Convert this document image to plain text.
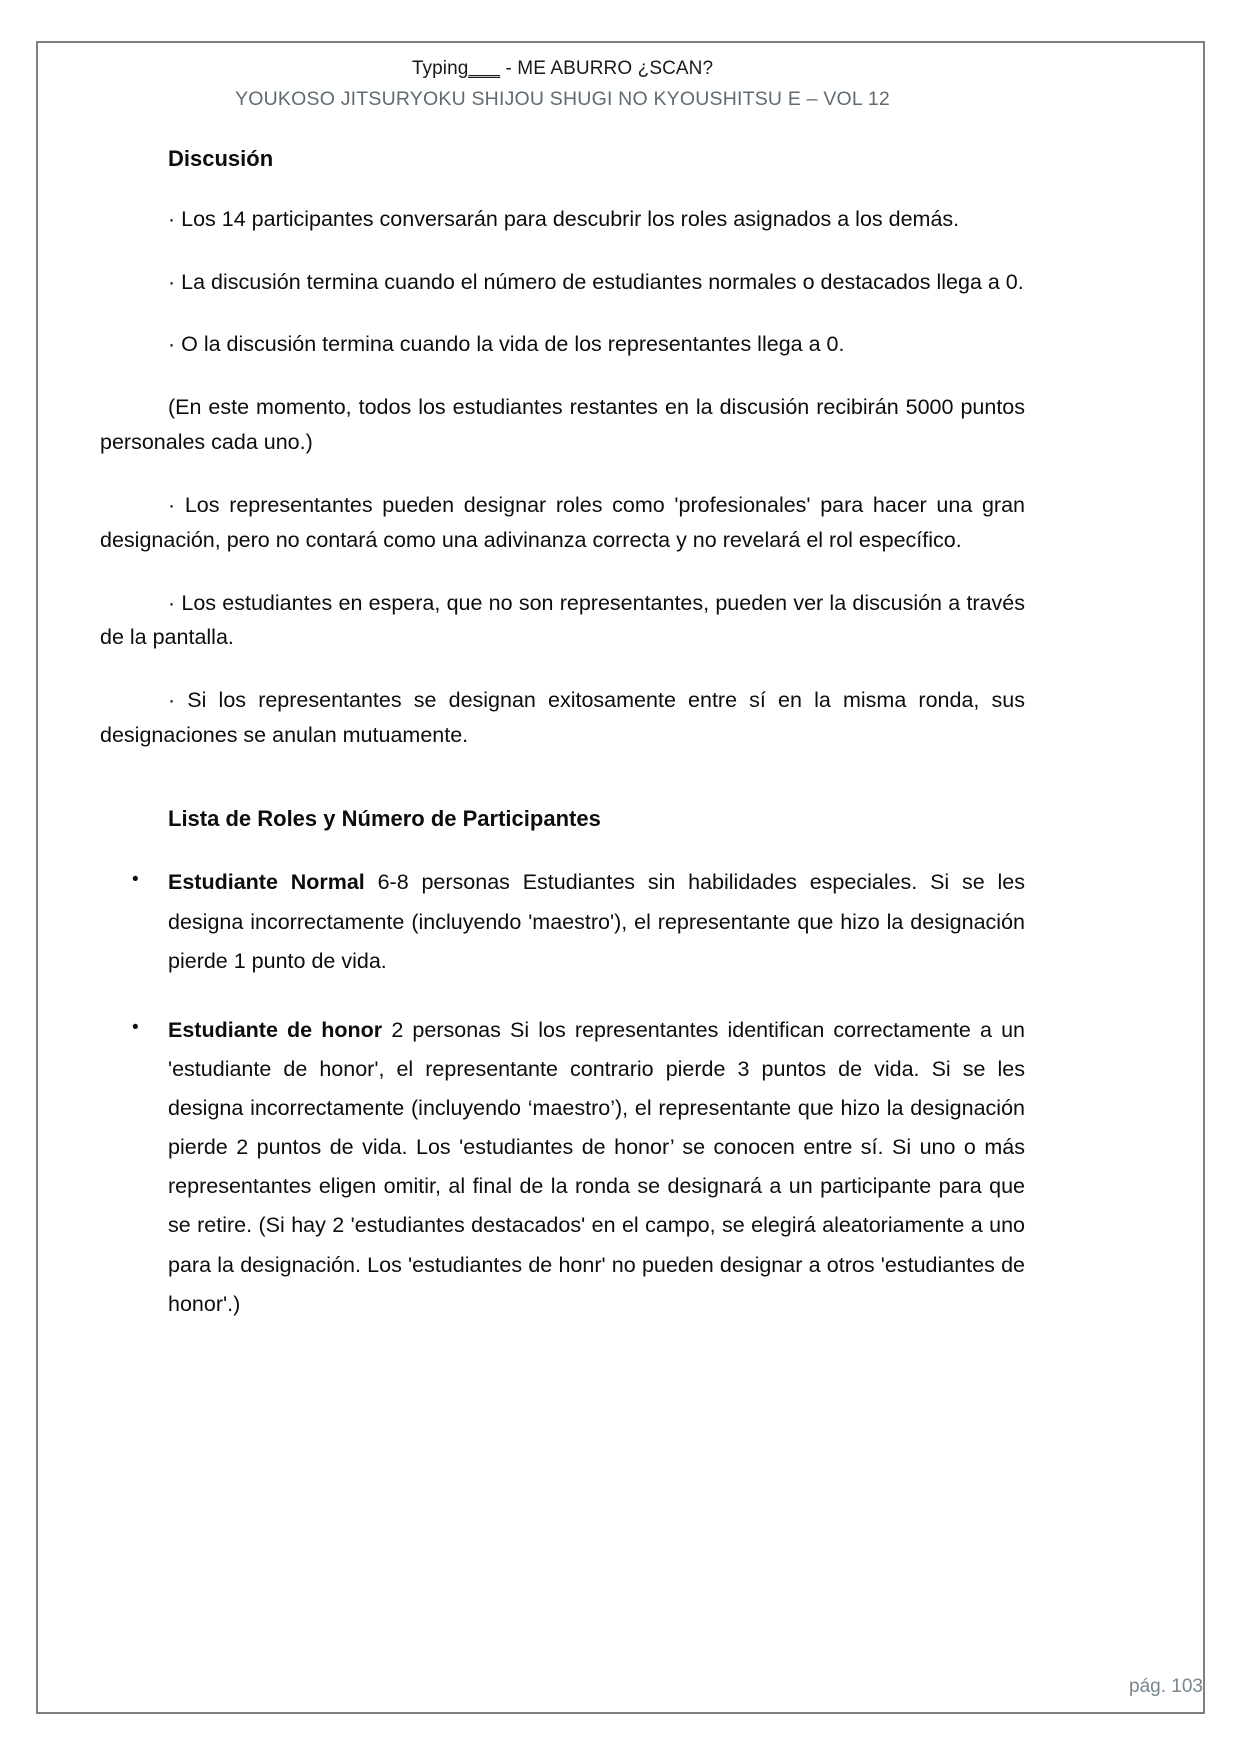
Typing___ - ME ABURRO ¿SCAN?
YOUKOSO JITSURYOKU SHIJOU SHUGI NO KYOUSHITSU E – VOL 12
Discusión

· Los 14 participantes conversarán para descubrir los roles asignados a los demás.

· La discusión termina cuando el número de estudiantes normales o destacados llega a 0.

· O la discusión termina cuando la vida de los representantes llega a 0.

(En este momento, todos los estudiantes restantes en la discusión recibirán 5000 puntos personales cada uno.)

· Los representantes pueden designar roles como 'profesionales' para hacer una gran designación, pero no contará como una adivinanza correcta y no revelará el rol específico.

· Los estudiantes en espera, que no son representantes, pueden ver la discusión a través de la pantalla.

· Si los representantes se designan exitosamente entre sí en la misma ronda, sus designaciones se anulan mutuamente.

Lista de Roles y Número de Participantes
• Estudiante Normal 6-8 personas Estudiantes sin habilidades especiales. Si se les designa incorrectamente (incluyendo 'maestro'), el representante que hizo la designación pierde 1 punto de vida.
• Estudiante de honor 2 personas Si los representantes identifican correctamente a un 'estudiante de honor', el representante contrario pierde 3 puntos de vida. Si se les designa incorrectamente (incluyendo ‘maestro’), el representante que hizo la designación pierde 2 puntos de vida. Los 'estudiantes de honor’ se conocen entre sí. Si uno o más representantes eligen omitir, al final de la ronda se designará a un participante para que se retire. (Si hay 2 'estudiantes destacados' en el campo, se elegirá aleatoriamente a uno para la designación. Los 'estudiantes de honr' no pueden designar a otros 'estudiantes de honor'.)
pág. 103
